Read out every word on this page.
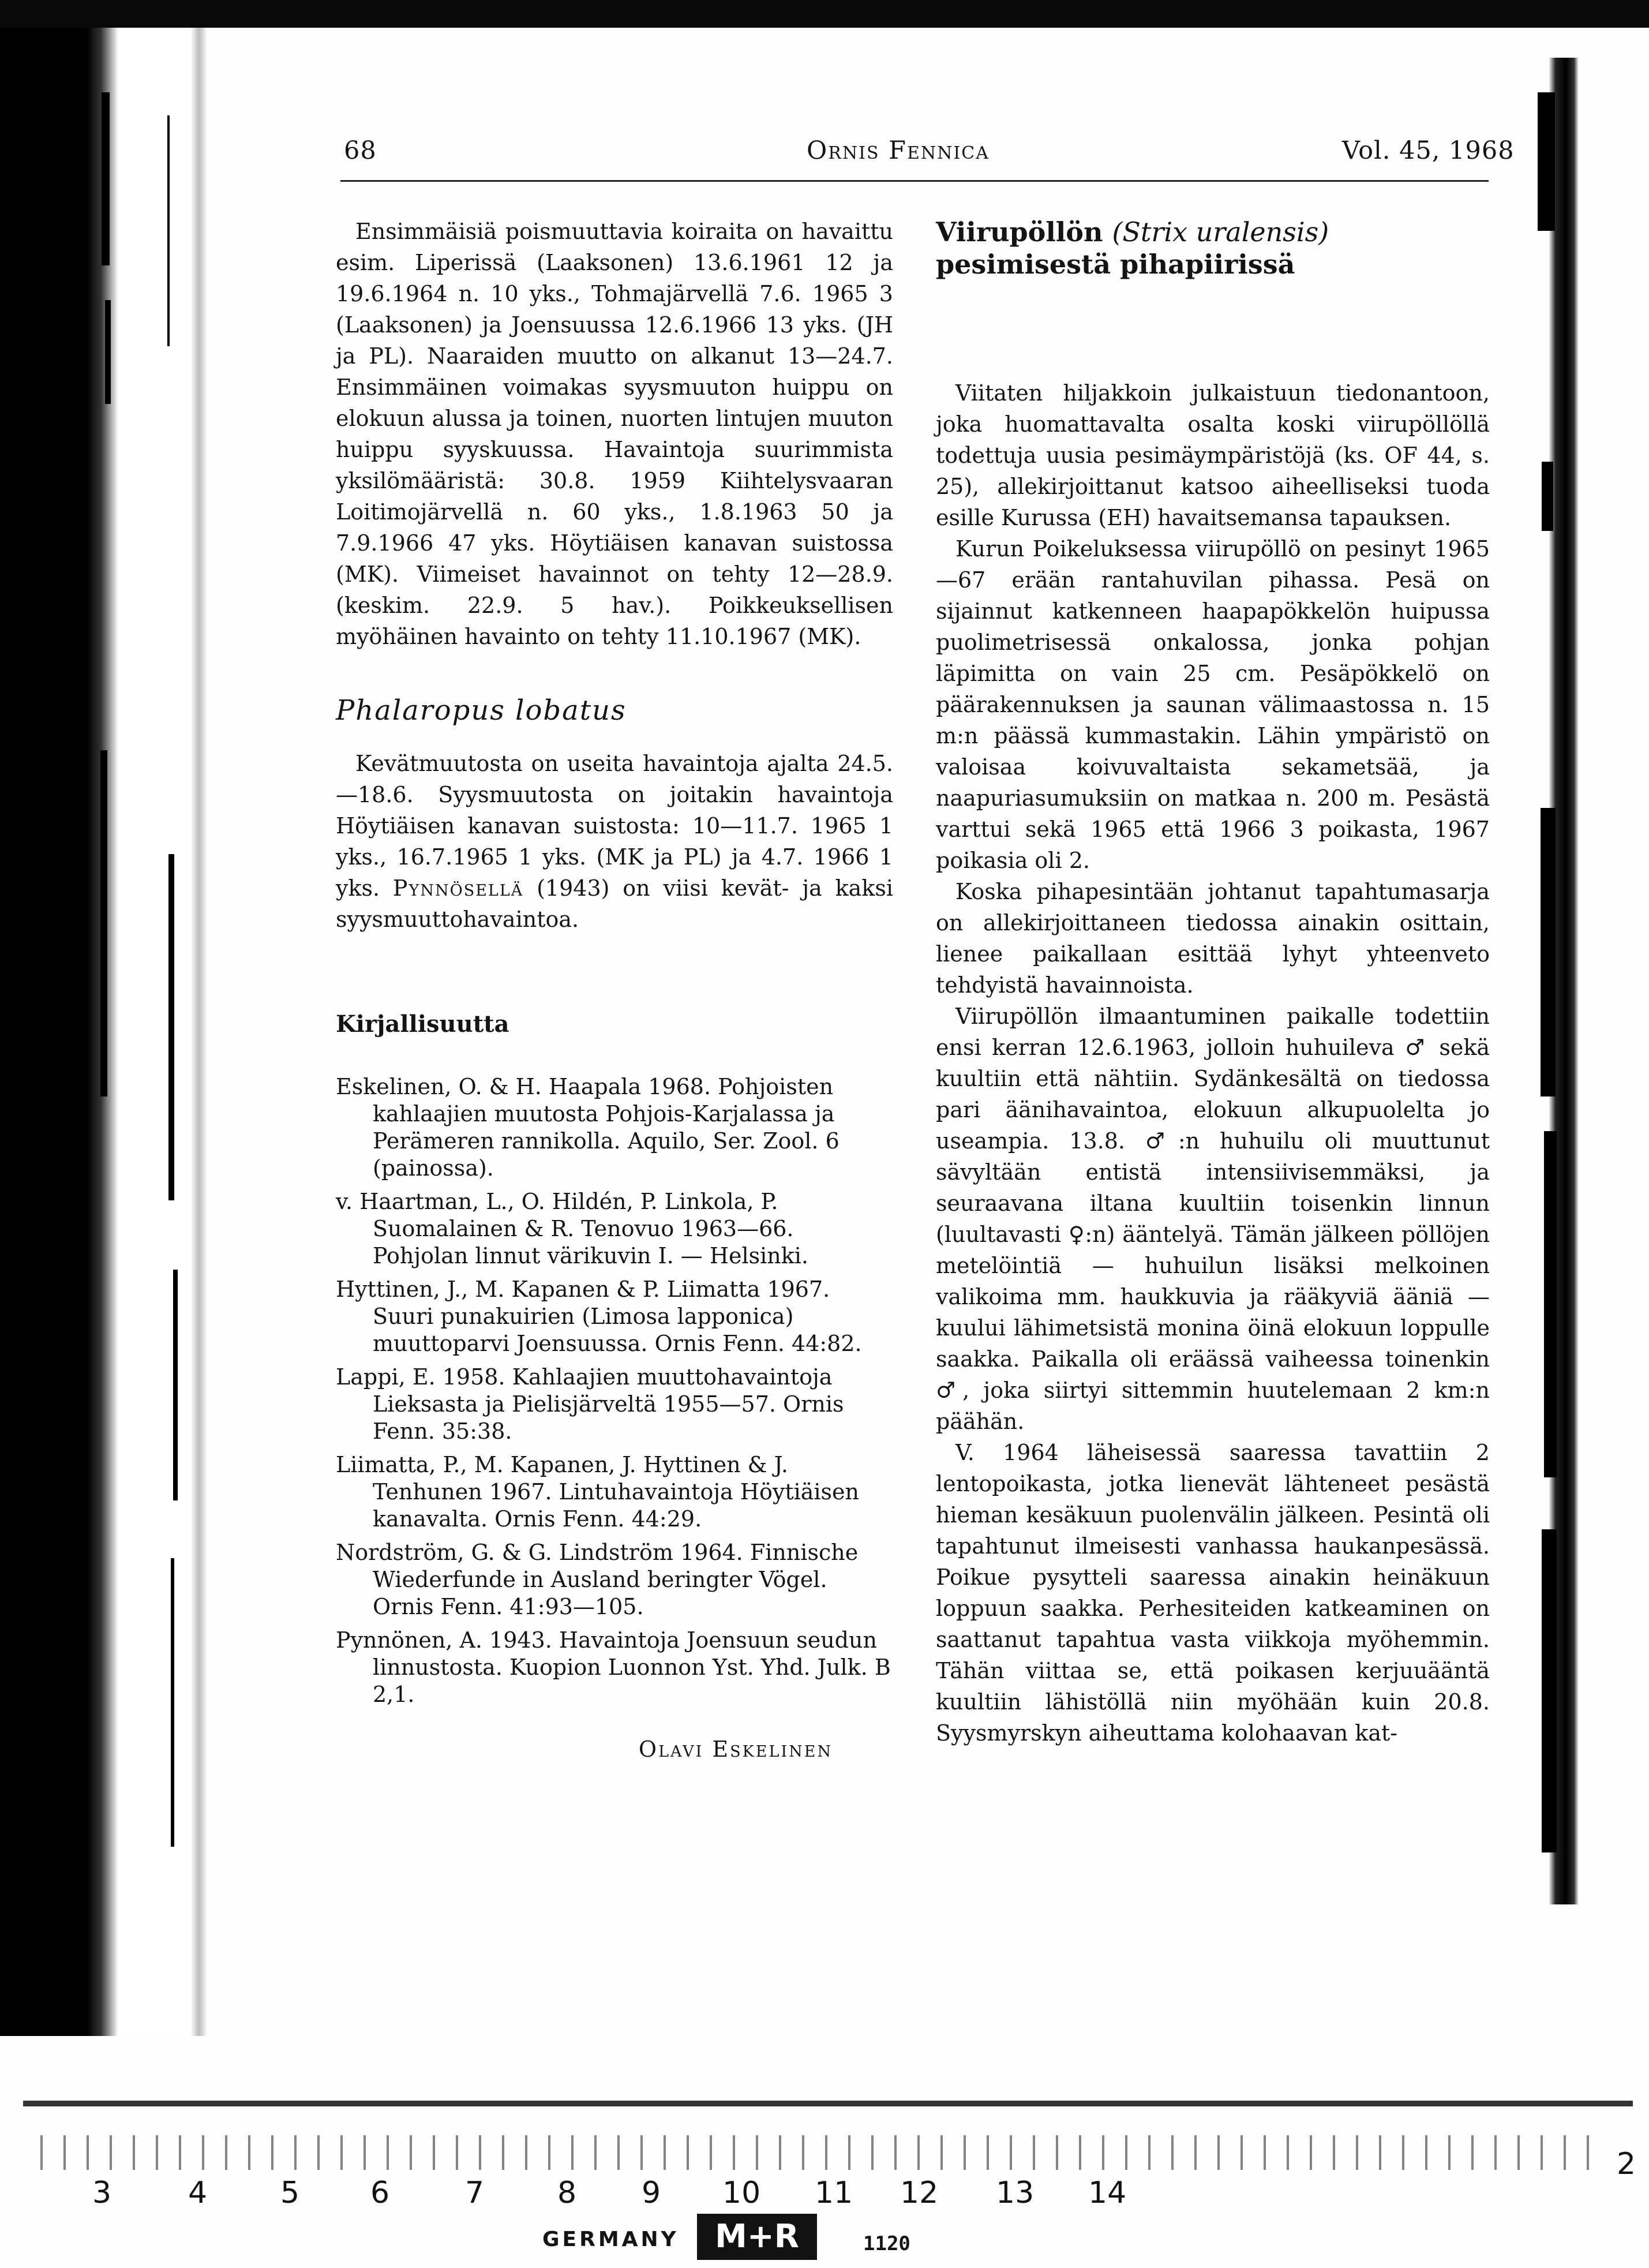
68	Ornis Fennica	Vol. 45, 1968

Ensimmäisiä poismuuttavia koiraita on havaittu esim. Liperissä (Laaksonen) 13.6.1961 12 ja 19.6.1964 n. 10 yks., Tohmajärvellä 7.6. 1965 3 (Laaksonen) ja Joensuussa 12.6.1966 13 yks. (JH ja PL). Naaraiden muutto on alkanut 13—24.7. Ensimmäinen voimakas syysmuuton huippu on elokuun alussa ja toinen, nuorten lintujen muuton huippu syyskuussa. Havaintoja suurimmista yksilömääristä: 30.8. 1959 Kiihtelysvaaran Loitimojärvellä n. 60 yks., 1.8.1963 50 ja 7.9.1966 47 yks. Höytiäisen kanavan suistossa (MK). Viimeiset havainnot on tehty 12—28.9. (keskim. 22.9. 5 hav.). Poikkeuksellisen myöhäinen havainto on tehty 11.10.1967 (MK).

Phalaropus lobatus

Kevätmuutosta on useita havaintoja ajalta 24.5. —18.6. Syysmuutosta on joitakin havaintoja Höytiäisen kanavan suistosta: 10—11.7. 1965 1 yks., 16.7.1965 1 yks. (MK ja PL) ja 4.7. 1966 1 yks. Pynnösellä (1943) on viisi kevät- ja kaksi syysmuuttohavaintoa.

Kirjallisuutta

Eskelinen, O. & H. Haapala 1968. Pohjoisten kahlaajien muutosta Pohjois-Karjalassa ja Perämeren rannikolla. Aquilo, Ser. Zool. 6 (painossa).

v. Haartman, L., O. Hildén, P. Linkola, P. Suomalainen & R. Tenovuo 1963—66. Pohjolan linnut värikuvin I. — Helsinki.

Hyttinen, J., M. Kapanen & P. Liimatta 1967. Suuri punakuirien (Limosa lapponica) muuttoparvi Joensuussa. Ornis Fenn. 44:82.

Lappi, E. 1958. Kahlaajien muuttohavaintoja Lieksasta ja Pielisjärveltä 1955—57. Ornis Fenn. 35:38.

Liimatta, P., M. Kapanen, J. Hyttinen & J. Tenhunen 1967. Lintuhavaintoja Höytiäisen kanavalta. Ornis Fenn. 44:29.

Nordström, G. & G. Lindström 1964. Finnische Wiederfunde in Ausland beringter Vögel. Ornis Fenn. 41:93—105.

Pynnönen, A. 1943. Havaintoja Joensuun seudun linnustosta. Kuopion Luonnon Yst. Yhd. Julk. B 2,1.

Olavi Eskelinen

Viirupöllön (Strix uralensis) pesimisestä pihapiirissä

Viitaten hiljakkoin julkaistuun tiedonantoon, joka huomattavalta osalta koski viirupöllöllä todettuja uusia pesimäympäristöjä (ks. OF 44, s. 25), allekirjoittanut katsoo aiheelliseksi tuoda esille Kurussa (EH) havaitsemansa tapauksen.

Kurun Poikeluksessa viirupöllö on pesinyt 1965—67 erään rantahuvilan pihassa. Pesä on sijainnut katkenneen haapapökkelön huipussa puolimetrisessä onkalossa, jonka pohjan läpimitta on vain 25 cm. Pesäpökkelö on päärakennuksen ja saunan välimaastossa n. 15 m:n päässä kummastakin. Lähin ympäristö on valoisaa koivuvaltaista sekametsää, ja naapuriasumuksiin on matkaa n. 200 m. Pesästä varttui sekä 1965 että 1966 3 poikasta, 1967 poikasia oli 2.

Koska pihapesintään johtanut tapahtumasarja on allekirjoittaneen tiedossa ainakin osittain, lienee paikallaan esittää lyhyt yhteenveto tehdyistä havainnoista.

Viirupöllön ilmaantuminen paikalle todettiin ensi kerran 12.6.1963, jolloin huhuileva ♂ sekä kuultiin että nähtiin. Sydänkesältä on tiedossa pari äänihavaintoa, elokuun alkupuolelta jo useampia. 13.8. ♂:n huhuilu oli muuttunut sävyltään entistä intensiivisemmäksi, ja seuraavana iltana kuultiin toisenkin linnun (luultavasti ♀:n) ääntelyä. Tämän jälkeen pöllöjen metelöintiä — huhuilun lisäksi melkoinen valikoima mm. haukkuvia ja rääkyviä ääniä — kuului lähimetsistä monina öinä elokuun loppulle saakka. Paikalla oli eräässä vaiheessa toinenkin ♂, joka siirtyi sittemmin huutelemaan 2 km:n päähän.

V. 1964 läheisessä saaressa tavattiin 2 lentopoikasta, jotka lienevät lähteneet pesästä hieman kesäkuun puolenvälin jälkeen. Pesintä oli tapahtunut ilmeisesti vanhassa haukanpesässä. Poikue pysytteli saaressa ainakin heinäkuun loppuun saakka. Perhesiteiden katkeaminen on saattanut tapahtua vasta viikkoja myöhemmin. Tähän viittaa se, että poikasen kerjuuääntä kuultiin lähistöllä niin myöhään kuin 20.8. Syysmyrskyn aiheuttama kolohaavan kat-

3	4 5 6	7 8 9 10 11 12 13 14
2
GERMANY	M+R	1120
